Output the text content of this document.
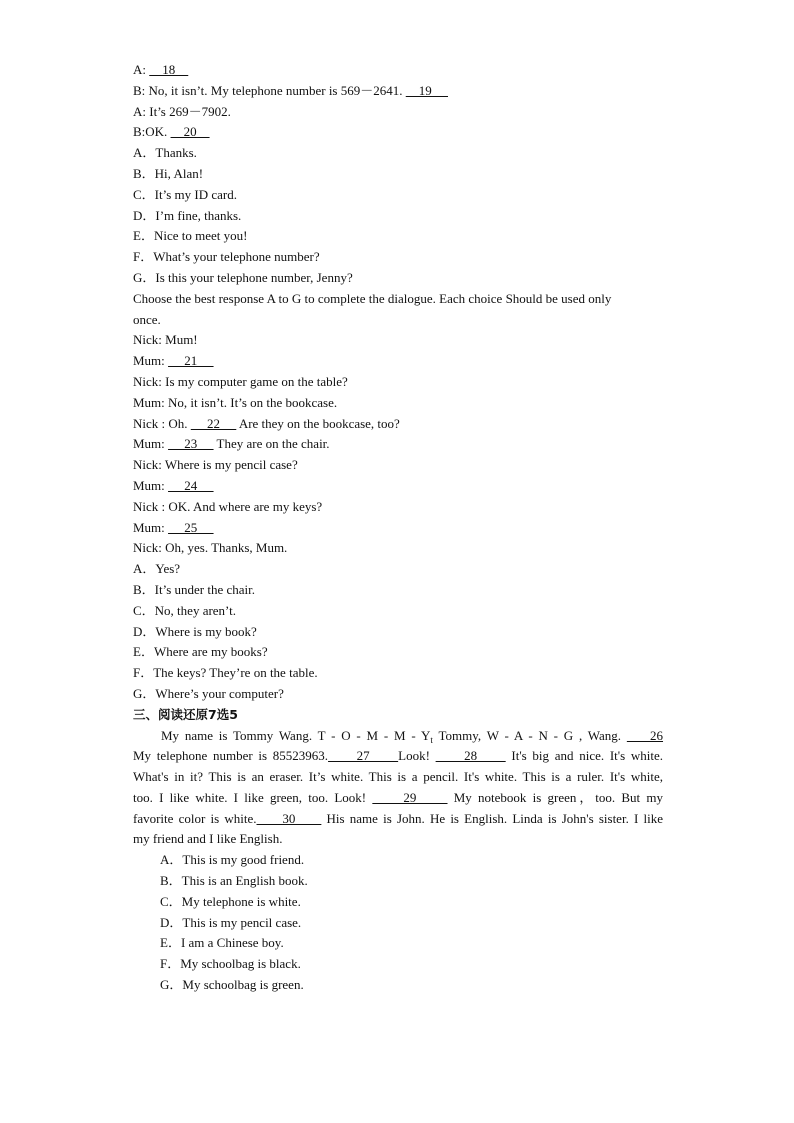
A:     18
B: No, it isn’t. My telephone number is 569－2641.     19
A: It’s 269－7902.
B:OK.     20
A．Thanks.
B．Hi, Alan!
C．It’s my ID card.
D．I’m fine, thanks.
E．Nice to meet you!
F．What’s your telephone number?
G．Is this your telephone number, Jenny?
Choose the best response A to G to complete the dialogue. Each choice Should be used only
once.
Nick: Mum!
Mum:      21
Nick: Is my computer game on the table?
Mum: No, it isn’t. It’s on the bookcase.
Nick : Oh.      22      Are they on the bookcase, too?
Mum:      23      They are on the chair.
Nick: Where is my pencil case?
Mum:      24
Nick : OK. And where are my keys?
Mum:      25
Nick: Oh, yes. Thanks, Mum.
A．Yes?
B．It’s under the chair.
C．No, they aren’t.
D．Where is my book?
E．Where are my books?
F．The keys? They’re on the table.
G．Where’s your computer?
三、阅读还原7选5
My name is Tommy Wang. T - O - M - M - $Y_t$ Tommy, W - A - N - G , Wang.     26
My telephone number is 85523963.     27     Look!      28      It's big and nice. It's white.
What's in it? This is an eraser. It’s white. This is a pencil. It's white. This is a ruler. It's white,
too. I like white. I like green, too. Look!      29      My notebook is green，too. But my
favorite color is white.     30      His name is John. He is English. Linda is John's sister. I like
my friend and I like English.
A．This is my good friend.
B．This is an English book.
C．My telephone is white.
D．This is my pencil case.
E．I am a Chinese boy.
F．My schoolbag is black.
G．My schoolbag is green.
